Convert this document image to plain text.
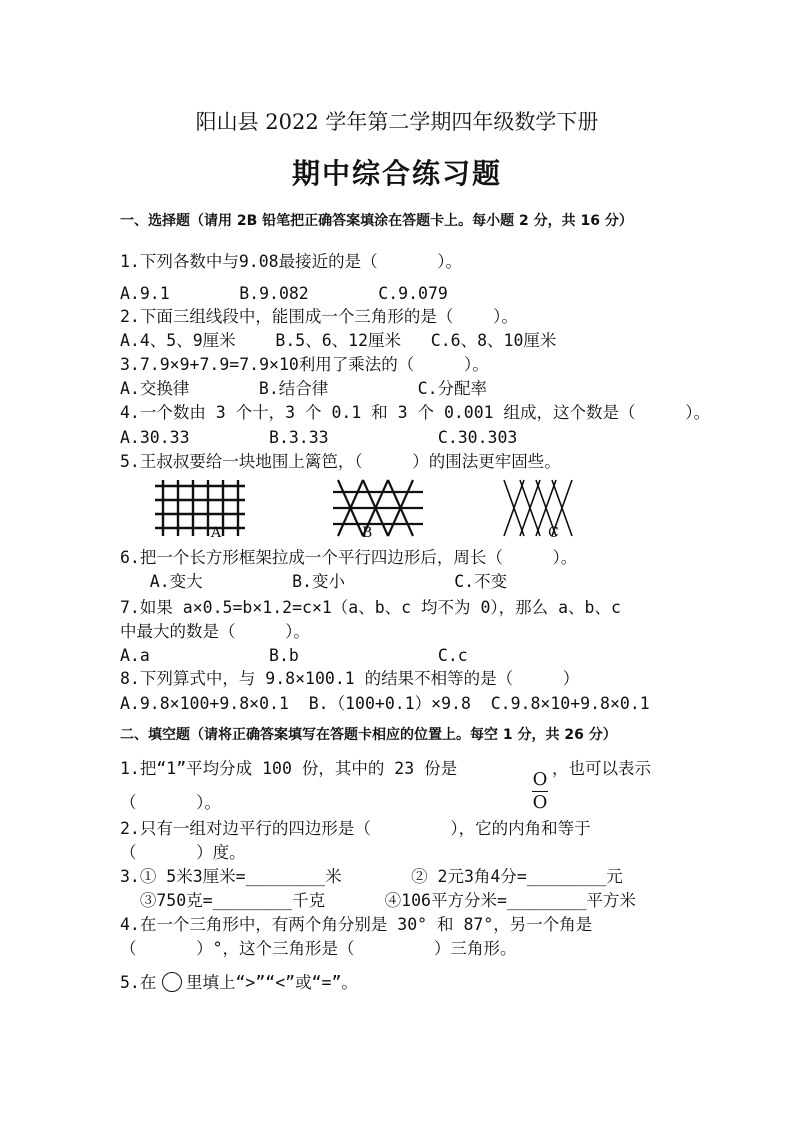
阳山县 2022 学年第二学期四年级数学下册
期中综合练习题
一、选择题（请用 2B 铅笔把正确答案填涂在答题卡上。每小题 2 分，共 16 分）
1.下列各数中与9.08最接近的是（      ）。
A.9.1       B.9.082       C.9.079
2.下面三组线段中，能围成一个三角形的是（    ）。
A.4、5、9厘米    B.5、6、12厘米   C.6、8、10厘米
3.7.9×9+7.9=7.9×10利用了乘法的（     ）。
A.交换律       B.结合律         C.分配率
4.一个数由 3 个十，3 个 0.1 和 3 个 0.001 组成，这个数是（     ）。
A.30.33        B.3.33           C.30.303
5.王叔叔要给一块地围上篱笆，（     ）的围法更牢固些。
A	B	C
6.把一个长方形框架拉成一个平行四边形后，周长（     ）。
A.变大         B.变小           C.不变
7.如果 a×0.5=b×1.2=c×1（a、b、c 均不为 0），那么 a、b、c
中最大的数是（     ）。
A.a            B.b              C.c
8.下列算式中，与 9.8×100.1 的结果不相等的是（     ）
A.9.8×100+9.8×0.1  B.（100+0.1）×9.8  C.9.8×10+9.8×0.1
二、填空题（请将正确答案填写在答题卡相应的位置上。每空 1 分，共 26 分）
1.把“1”平均分成 100 份，其中的 23 份是
O
O
，也可以表示
（      ）。
2.只有一组对边平行的四边形是（        ），它的内角和等于
（      ）度。
3.① 5米3厘米=________米       ② 2元3角4分=________元
③750克=________千克      ④106平方分米=________平方米
4.在一个三角形中，有两个角分别是 30° 和 87°，另一个角是
（      ）°，这个三角形是（        ）三角形。
5.在 里填上“>”“<”或“=”。
